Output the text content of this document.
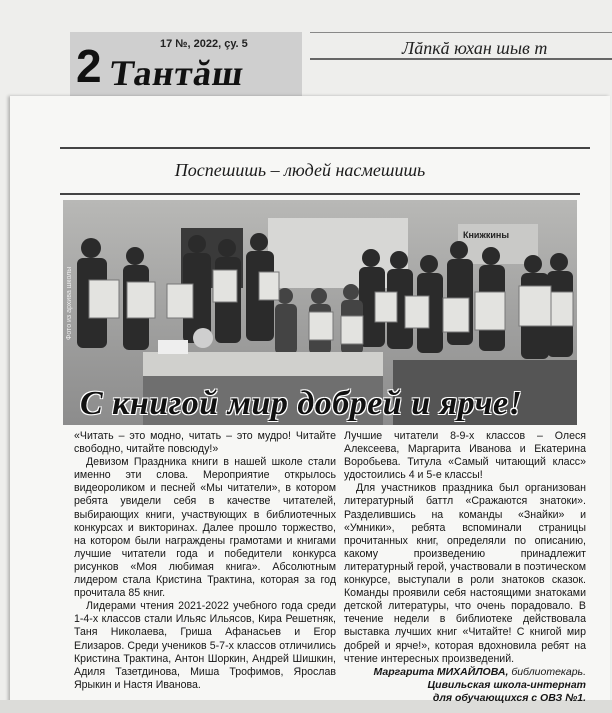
2	17 №, 2022, çу. 5
Тантăш
Лăпкă юхан шыв т
Поспешишь – людей насмешишь
Книжкины
Фото из архива школы
С книгой мир добрей и ярче!

«Читать – это модно, читать – это мудро! Читайте свободно, читайте повсюду!»

Девизом Праздника книги в нашей школе стали именно эти слова. Мероприятие открылось видеороликом и песней «Мы читатели», в котором ребята увидели себя в качестве читателей, выбирающих книги, участвующих в библиотечных конкурсах и викторинах. Далее прошло торжество, на котором были награждены грамотами и книгами лучшие читатели года и победители конкурса рисунков «Моя любимая книга». Абсолютным лидером стала Кристина Трактина, которая за год прочитала 85 книг.

Лидерами чтения 2021-2022 учебного года среди 1-4-х классов стали Ильяс Ильясов, Кира Решетняк, Таня Николаева, Гриша Афанасьев и Егор Елизаров. Среди учеников 5-7-х классов отличились Кристина Трактина, Антон Шоркин, Андрей Шишкин, Адиля Тазетдинова, Миша Трофимов, Ярослав Ярыкин и Настя Иванова.

Лучшие читатели 8-9-х классов – Олеся Алексеева, Маргарита Иванова и Екатерина Воробьева. Титула «Самый читающий класс» удостоились 4 и 5-е классы!

Для участников праздника был организован литературный баттл «Сражаются знатоки». Разделившись на команды «Знайки» и «Умники», ребята вспоминали страницы прочитанных книг, определяли по описанию, какому произведению принадлежит литературный герой, участвовали в поэтическом конкурсе, выступали в роли знатоков сказок. Команды проявили себя настоящими знатоками детской литературы, что очень порадовало. В течение недели в библиотеке действовала выставка лучших книг «Читайте! С книгой мир добрей и ярче!», которая вдохновила ребят на чтение интересных произведений.

Маргарита МИХАЙЛОВА, библиотекарь.
Цивильская школа-интернат
для обучающихся с ОВЗ №1.
